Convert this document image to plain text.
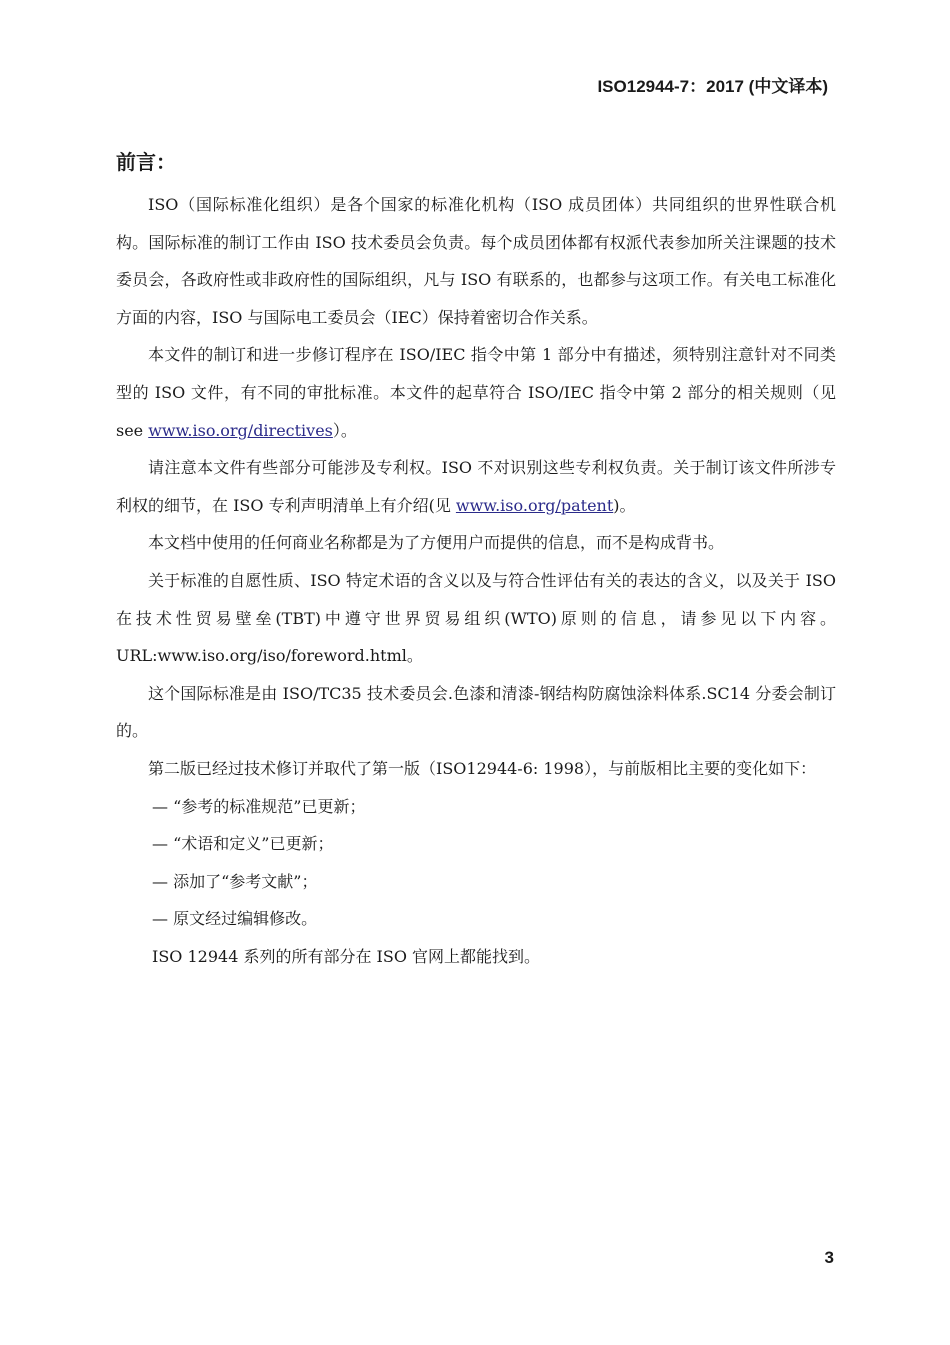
ISO12944-7：2017 (中文译本)
前言：

ISO（国际标准化组织）是各个国家的标准化机构（ISO 成员团体）共同组织的世界性联合机构。国际标准的制订工作由 ISO 技术委员会负责。每个成员团体都有权派代表参加所关注课题的技术委员会，各政府性或非政府性的国际组织，凡与 ISO 有联系的，也都参与这项工作。有关电工标准化方面的内容，ISO 与国际电工委员会（IEC）保持着密切合作关系。

本文件的制订和进一步修订程序在 ISO/IEC 指令中第 1 部分中有描述，须特别注意针对不同类型的 ISO 文件，有不同的审批标准。本文件的起草符合 ISO/IEC 指令中第 2 部分的相关规则（见 see www.iso.org/directives）。

请注意本文件有些部分可能涉及专利权。ISO 不对识别这些专利权负责。关于制订该文件所涉专利权的细节，在 ISO 专利声明清单上有介绍(见 www.iso.org/patent)。

本文档中使用的任何商业名称都是为了方便用户而提供的信息，而不是构成背书。

关于标准的自愿性质、ISO 特定术语的含义以及与符合性评估有关的表达的含义，以及关于 ISO 在技术性贸易壁垒(TBT)中遵守世界贸易组织(WTO)原则的信息，请参见以下内容。URL:www.iso.org/iso/foreword.html。

这个国际标准是由 ISO/TC35 技术委员会.色漆和清漆-钢结构防腐蚀涂料体系.SC14 分委会制订的。

第二版已经过技术修订并取代了第一版（ISO12944-6: 1998），与前版相比主要的变化如下：

— “参考的标准规范”已更新；
— “术语和定义”已更新；
— 添加了“参考文献”；
— 原文经过编辑修改。
ISO 12944 系列的所有部分在 ISO 官网上都能找到。
3
